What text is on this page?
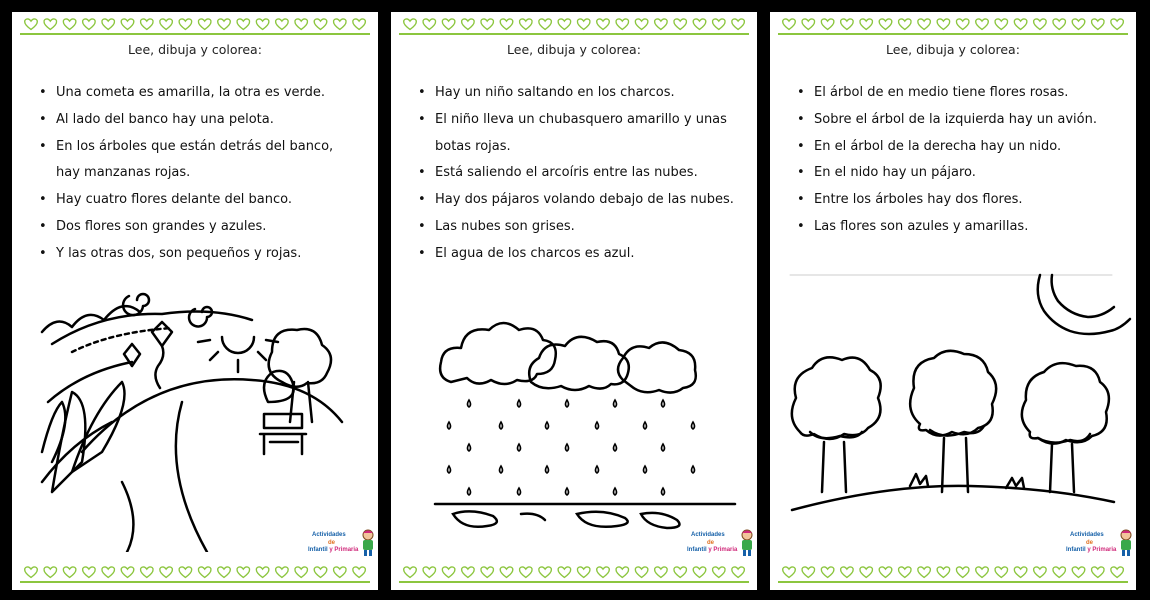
Lee, dibuja y colorea:
• Una cometa es amarilla, la otra es verde.
• Al lado del banco hay una pelota.
• En los árboles que están detrás del banco, hay manzanas rojas.
• Hay cuatro flores delante del banco.
• Dos flores son grandes y azules.
• Y las otras dos, son pequeños y rojas.
Actividades
de
Infantil y Primaria
Lee, dibuja y colorea:
• Hay un niño saltando en los charcos.
• El niño lleva un chubasquero amarillo y unas botas rojas.
• Está saliendo el arcoíris entre las nubes.
• Hay dos pájaros volando debajo de las nubes.
• Las nubes son grises.
• El agua de los charcos es azul.
Actividades
de
Infantil y Primaria
Lee, dibuja y colorea:
• El árbol de en medio tiene flores rosas.
• Sobre el árbol de la izquierda hay un avión.
• En el árbol de la derecha hay un nido.
• En el nido hay un pájaro.
• Entre los árboles hay dos flores.
• Las flores son azules y amarillas.
Actividades
de
Infantil y Primaria
